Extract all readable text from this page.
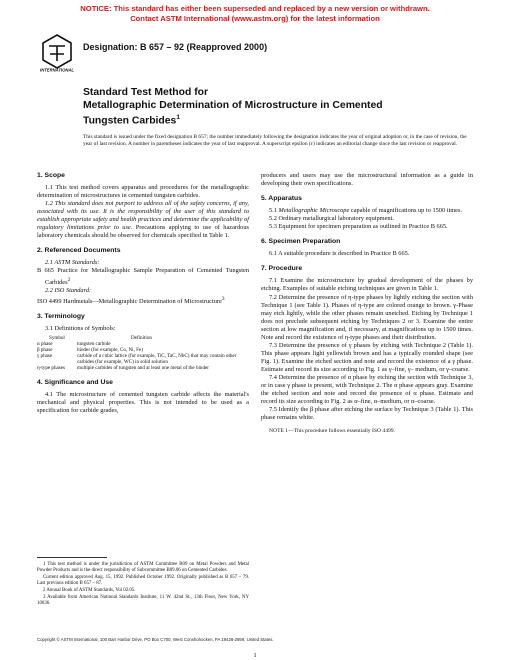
NOTICE: This standard has either been superseded and replaced by a new version or withdrawn.
Contact ASTM International (www.astm.org) for the latest information
INTERNATIONAL
Designation: B 657 – 92 (Reapproved 2000)
Standard Test Method for
Metallographic Determination of Microstructure in Cemented
Tungsten Carbides$^1$
This standard is issued under the fixed designation B 657; the number immediately following the designation indicates the year of original adoption or, in the case of revision, the year of last revision. A number in parentheses indicates the year of last reapproval. A superscript epsilon (ε) indicates an editorial change since the last revision or reapproval.
1. Scope

1.1 This test method covers apparatus and procedures for the metallographic determination of microstructures in cemented tungsten carbides.

1.2 This standard does not purport to address all of the safety concerns, if any, associated with its use. It is the responsibility of the user of this standard to establish appropriate safety and health practices and determine the applicability of regulatory limitations prior to use. Precautions applying to use of hazardous laboratory chemicals should be observed for chemicals specified in Table 1.

2. Referenced Documents

2.1 ASTM Standards:

B 665 Practice for Metallographic Sample Preparation of Cemented Tungsten Carbides$^2$

2.2 ISO Standard:

ISO 4499 Hardmetals—Metallographic Determination of Microstructure$^3$

3. Terminology

3.1 Definitions of Symbols:

Symbol	Definition
α phase	tungsten carbide
β phase	binder (for example, Co, Ni, Fe)
γ phase	carbide of a cubic lattice (for example, TiC, TaC, NbC) that may contain other carbides (for example, WC) in solid solution
η-type phases	multiple carbides of tungsten and at least one metal of the binder
4. Significance and Use

4.1 The microstructure of cemented tungsten carbide affects the material's mechanical and physical properties. This is not intended to be used as a specification for carbide grades,

producers and users may use the microstructural information as a guide in developing their own specifications.

5. Apparatus

5.1 Metallographic Microscope capable of magnifications up to 1500 times.

5.2 Ordinary metallurgical laboratory equipment.

5.3 Equipment for specimen preparation as outlined in Practice B 665.

6. Specimen Preparation

6.1 A suitable procedure is described in Practice B 665.

7. Procedure

7.1 Examine the microstructure by gradual development of the phases by etching. Examples of suitable etching techniques are given in Table 1.

7.2 Determine the presence of η-type phases by lightly etching the section with Technique 1 (see Table 1). Phases of η-type are colored orange to brown. γ-Phase may etch lightly, while the other phases remain unetched. Etching by Technique 1 does not preclude subsequent etching by Techniques 2 or 3. Examine the entire section at low magnification and, if necessary, at magnifications up to 1500 times. Note and record the existence of η-type phases and their distribution.

7.3 Determine the presence of γ phases by etching with Technique 2 (Table 1). This phase appears light yellowish brown and has a typically rounded shape (see Fig. 1). Examine the etched section and note and record the existence of a γ phase. Estimate and record its size according to Fig. 1 as γ–fine, γ– medium, or γ–coarse.

7.4 Determine the presence of α phase by etching the section with Technique 3, or in case γ phase is present, with Technique 2. The α phase appears gray. Examine the etched section and note and record the presence of α phase. Estimate and record its size according to Fig. 2 as α–fine, α–medium, or α–coarse.

7.5 Identify the β phase after etching the surface by Technique 3 (Table 1). This phase remains white.

NOTE 1—This procedure follows essentially ISO 4499.

1 This test method is under the jurisdiction of ASTM Committee B09 on Metal Powders and Metal Powder Products and is the direct responsibility of Subcommittee B09.06 on Cemented Carbides.

Current edition approved Aug. 15, 1992. Published October 1992. Originally published as B 657 – 79. Last previous edition B 657 – 87.

2 Annual Book of ASTM Standards, Vol 02.05.

3 Available from American National Standards Institute, 11 W. 42nd St., 13th Floor, New York, NY 10036.

Copyright © ASTM International, 100 Barr Harbor Drive, PO Box C700, West Conshohocken, PA 19428-2959, United States.
1
